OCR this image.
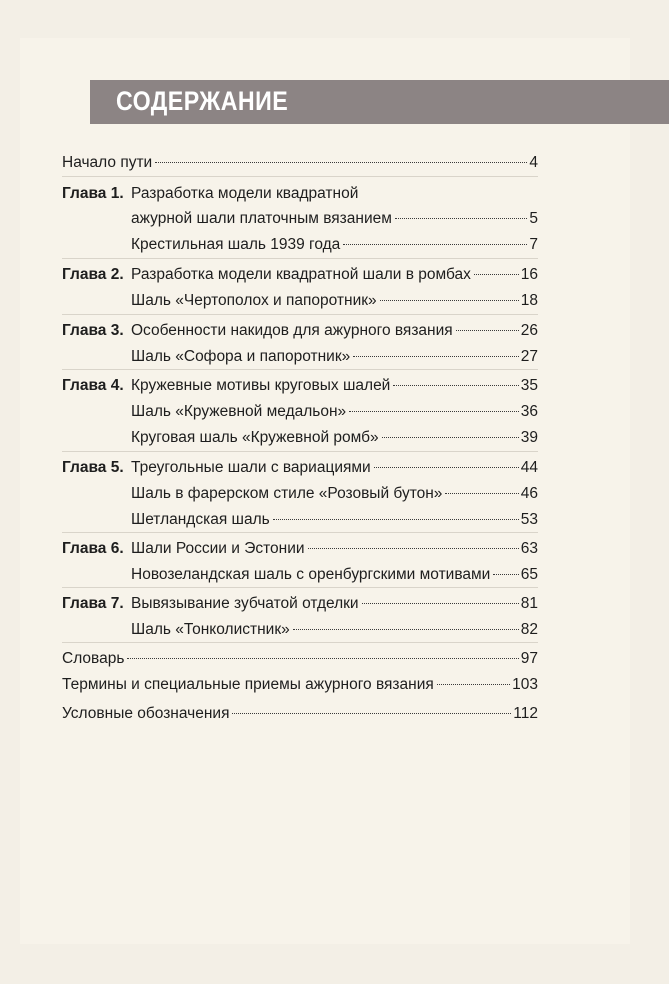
СОДЕРЖАНИЕ
Начало пути	4
Глава 1. Разработка модели квадратной
ажурной шали платочным вязанием	5
Крестильная шаль 1939 года	7
Глава 2. Разработка модели квадратной шали в ромбах	16
Шаль «Чертополох и папоротник»	18
Глава 3. Особенности накидов для ажурного вязания	26
Шаль «Софора и папоротник»	27
Глава 4. Кружевные мотивы круговых шалей	35
Шаль «Кружевной медальон»	36
Круговая шаль «Кружевной ромб»	39
Глава 5. Треугольные шали с вариациями	44
Шаль в фарерском стиле «Розовый бутон»	46
Шетландская шаль	53
Глава 6. Шали России и Эстонии	63
Новозеландская шаль с оренбургскими мотивами 65
Глава 7. Вывязывание зубчатой отделки	81
Шаль «Тонколистник»	82
Словарь	97
Термины и специальные приемы ажурного вязания	103
Условные обозначения	112
